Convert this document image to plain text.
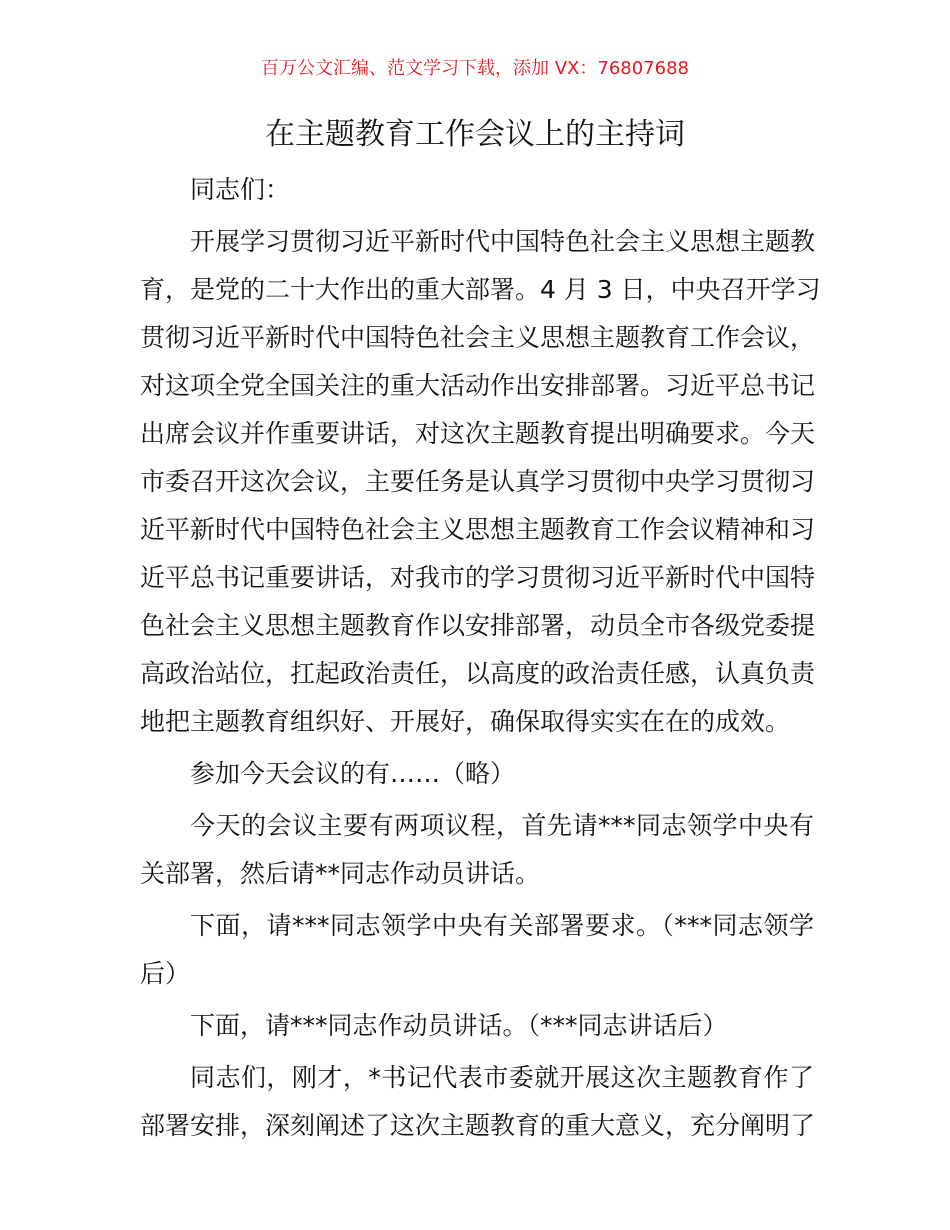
百万公文汇编、范文学习下载，添加 VX：76807688
在主题教育工作会议上的主持词
同志们：
开展学习贯彻习近平新时代中国特色社会主义思想主题教
育，是党的二十大作出的重大部署。4 月 3 日，中央召开学习
贯彻习近平新时代中国特色社会主义思想主题教育工作会议，
对这项全党全国关注的重大活动作出安排部署。习近平总书记
出席会议并作重要讲话，对这次主题教育提出明确要求。今天
市委召开这次会议，主要任务是认真学习贯彻中央学习贯彻习
近平新时代中国特色社会主义思想主题教育工作会议精神和习
近平总书记重要讲话，对我市的学习贯彻习近平新时代中国特
色社会主义思想主题教育作以安排部署，动员全市各级党委提
高政治站位，扛起政治责任，以高度的政治责任感，认真负责
地把主题教育组织好、开展好，确保取得实实在在的成效。
参加今天会议的有……（略）
今天的会议主要有两项议程，首先请***同志领学中央有
关部署，然后请**同志作动员讲话。
下面，请***同志领学中央有关部署要求。（***同志领学
后）
下面，请***同志作动员讲话。（***同志讲话后）
同志们，刚才，*书记代表市委就开展这次主题教育作了
部署安排，深刻阐述了这次主题教育的重大意义，充分阐明了
